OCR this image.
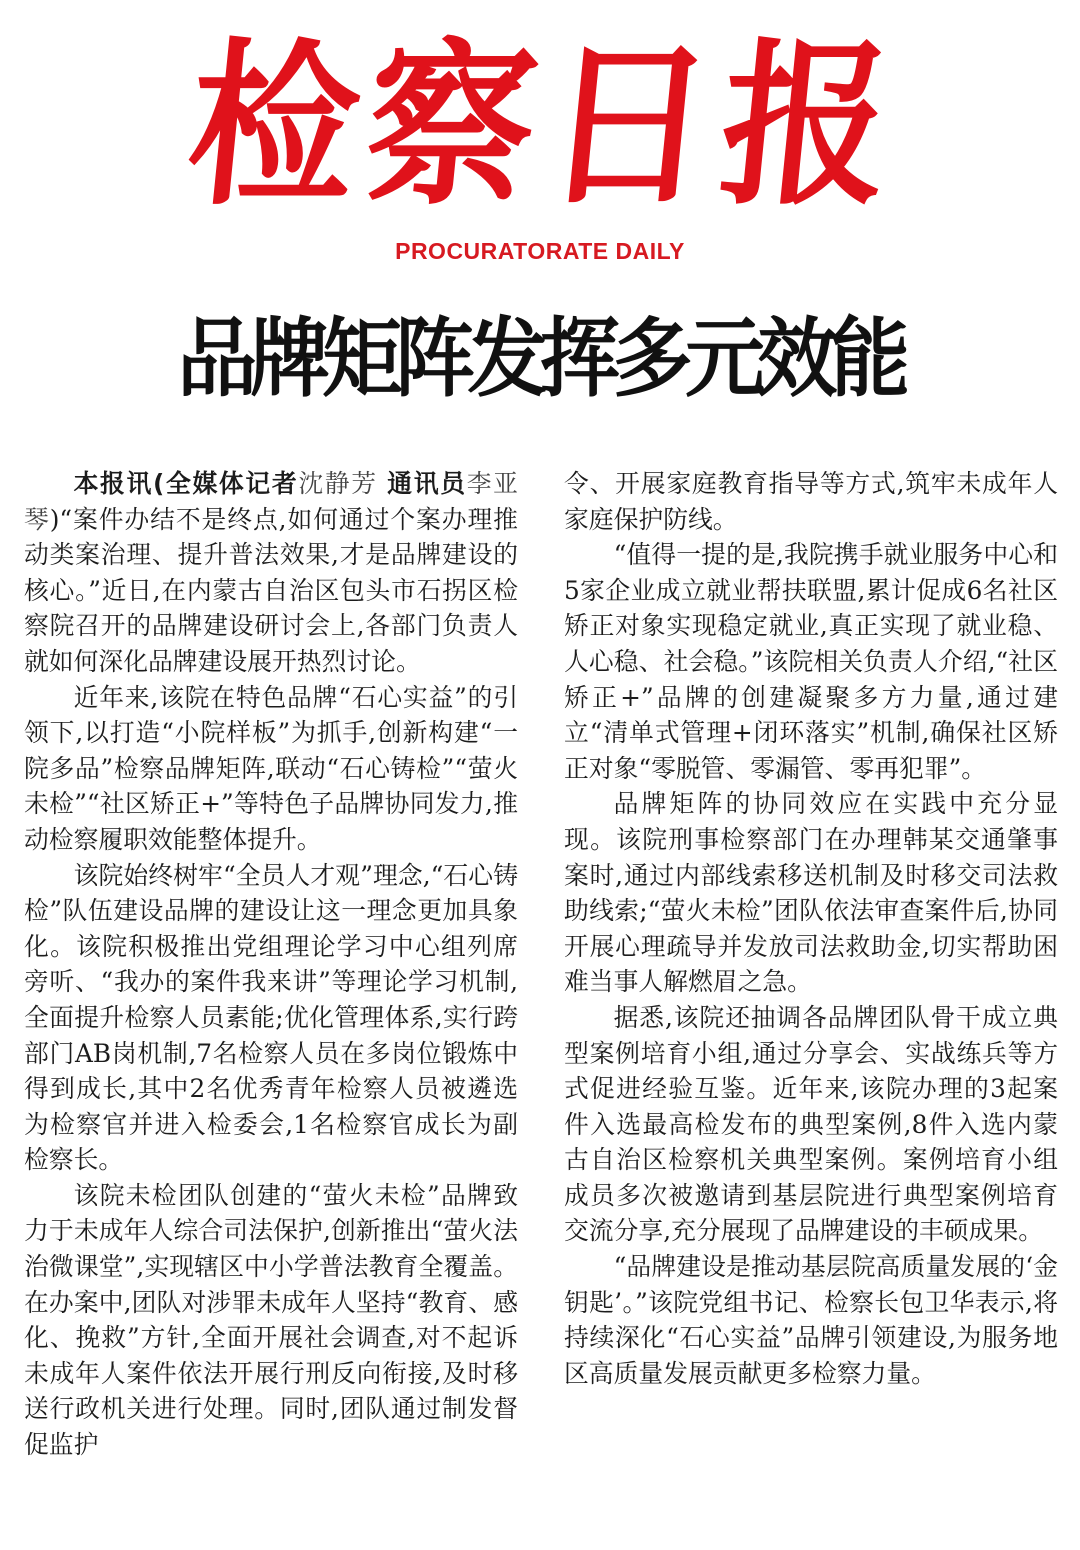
检
察
日
报
PROCURATORATE DAILY
品牌矩阵发挥多元效能

本报讯(全媒体记者沈静芳 通讯员李亚琴)“案件办结不是终点,如何通过个案办理推动类案治理、提升普法效果,才是品牌建设的核心。”近日,在内蒙古自治区包头市石拐区检察院召开的品牌建设研讨会上,各部门负责人就如何深化品牌建设展开热烈讨论。

近年来,该院在特色品牌“石心实益”的引领下,以打造“小院样板”为抓手,创新构建“一院多品”检察品牌矩阵,联动“石心铸检”“萤火未检”“社区矫正+”等特色子品牌协同发力,推动检察履职效能整体提升。

该院始终树牢“全员人才观”理念,“石心铸检”队伍建设品牌的建设让这一理念更加具象化。该院积极推出党组理论学习中心组列席旁听、“我办的案件我来讲”等理论学习机制,全面提升检察人员素能;优化管理体系,实行跨部门AB岗机制,7名检察人员在多岗位锻炼中得到成长,其中2名优秀青年检察人员被遴选为检察官并进入检委会,1名检察官成长为副检察长。

该院未检团队创建的“萤火未检”品牌致力于未成年人综合司法保护,创新推出“萤火法治微课堂”,实现辖区中小学普法教育全覆盖。在办案中,团队对涉罪未成年人坚持“教育、感化、挽救”方针,全面开展社会调查,对不起诉未成年人案件依法开展行刑反向衔接,及时移送行政机关进行处理。同时,团队通过制发督促监护

令、开展家庭教育指导等方式,筑牢未成年人家庭保护防线。

“值得一提的是,我院携手就业服务中心和5家企业成立就业帮扶联盟,累计促成6名社区矫正对象实现稳定就业,真正实现了就业稳、人心稳、社会稳。”该院相关负责人介绍,“社区矫正+”品牌的创建凝聚多方力量,通过建立“清单式管理+闭环落实”机制,确保社区矫正对象“零脱管、零漏管、零再犯罪”。

品牌矩阵的协同效应在实践中充分显现。该院刑事检察部门在办理韩某交通肇事案时,通过内部线索移送机制及时移交司法救助线索;“萤火未检”团队依法审查案件后,协同开展心理疏导并发放司法救助金,切实帮助困难当事人解燃眉之急。

据悉,该院还抽调各品牌团队骨干成立典型案例培育小组,通过分享会、实战练兵等方式促进经验互鉴。近年来,该院办理的3起案件入选最高检发布的典型案例,8件入选内蒙古自治区检察机关典型案例。案例培育小组成员多次被邀请到基层院进行典型案例培育交流分享,充分展现了品牌建设的丰硕成果。

“品牌建设是推动基层院高质量发展的‘金钥匙’。”该院党组书记、检察长包卫华表示,将持续深化“石心实益”品牌引领建设,为服务地区高质量发展贡献更多检察力量。
